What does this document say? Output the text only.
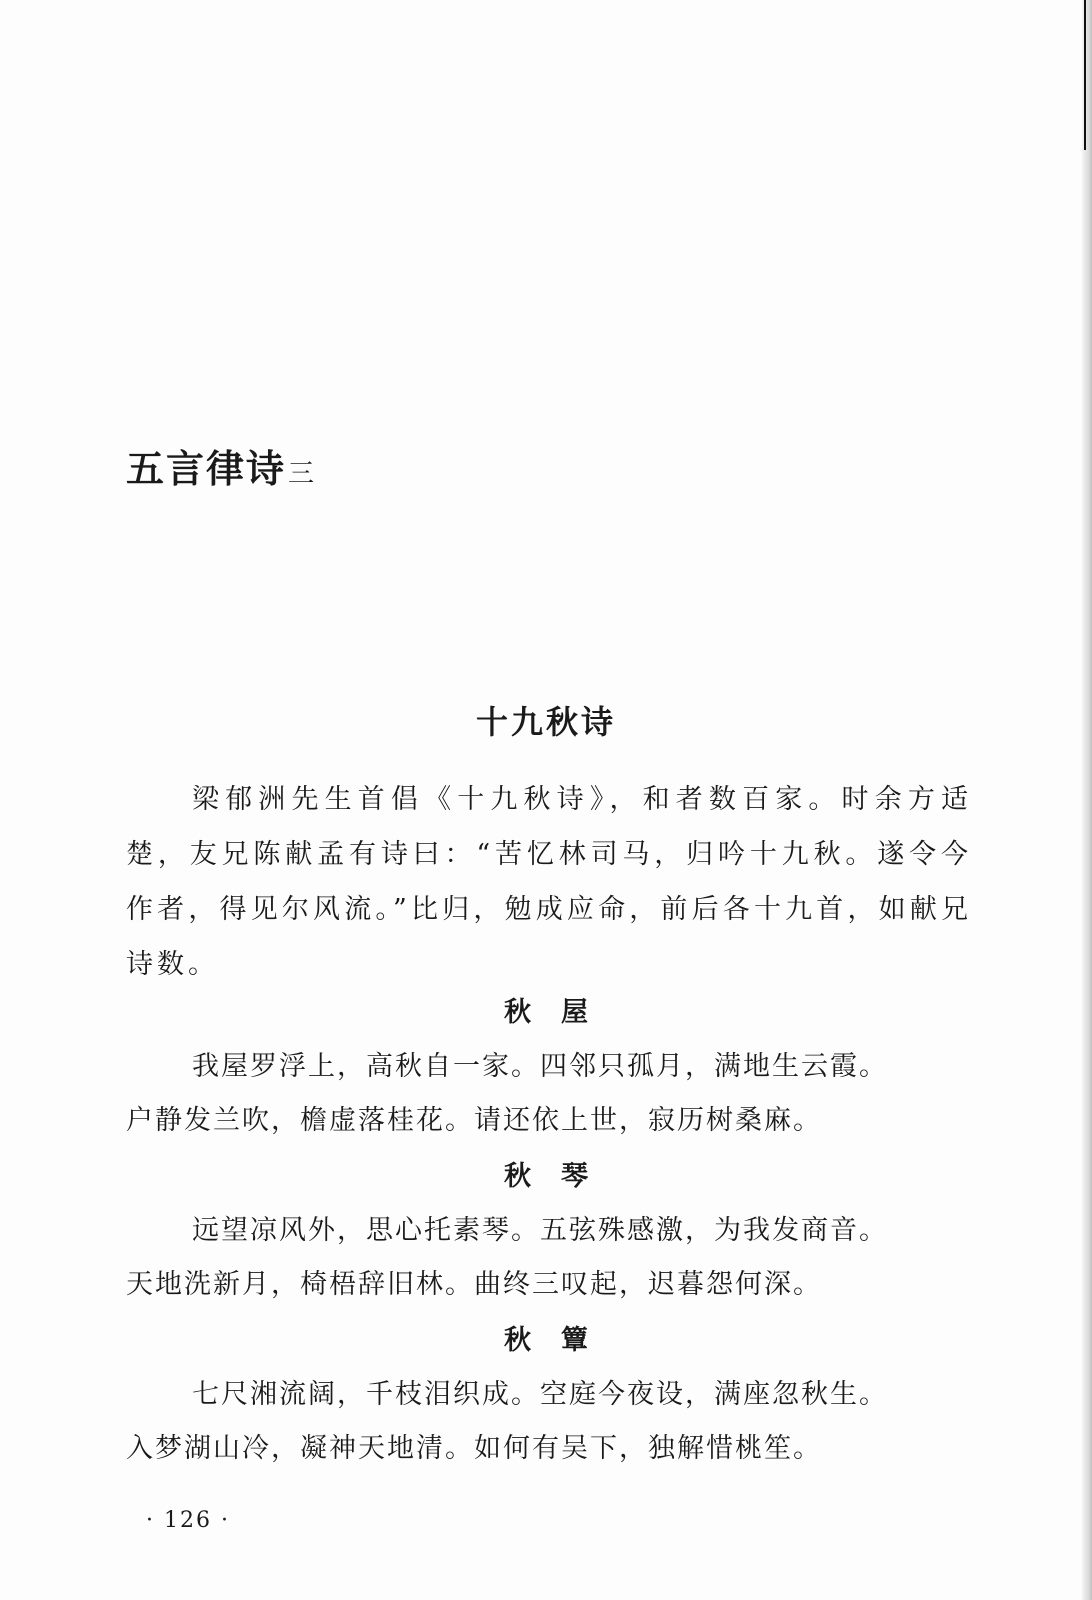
五言律诗三
十九秋诗
梁郁洲先生首倡《十九秋诗》，和者数百家。时余方适楚，友兄陈献孟有诗曰：“苦忆林司马，归吟十九秋。遂令今作者，得见尔风流。”比归，勉成应命，前后各十九首，如献兄诗数。
秋屋
我屋罗浮上，高秋自一家。四邻只孤月，满地生云霞。
户静发兰吹，檐虚落桂花。请还依上世，寂历树桑麻。
秋琴
远望凉风外，思心托素琴。五弦殊感激，为我发商音。
天地洗新月，椅梧辞旧林。曲终三叹起，迟暮怨何深。
秋簟
七尺湘流阔，千枝泪织成。空庭今夜设，满座忽秋生。
入梦湖山冷，凝神天地清。如何有吴下，独解惜桃笙。
· 126 ·
